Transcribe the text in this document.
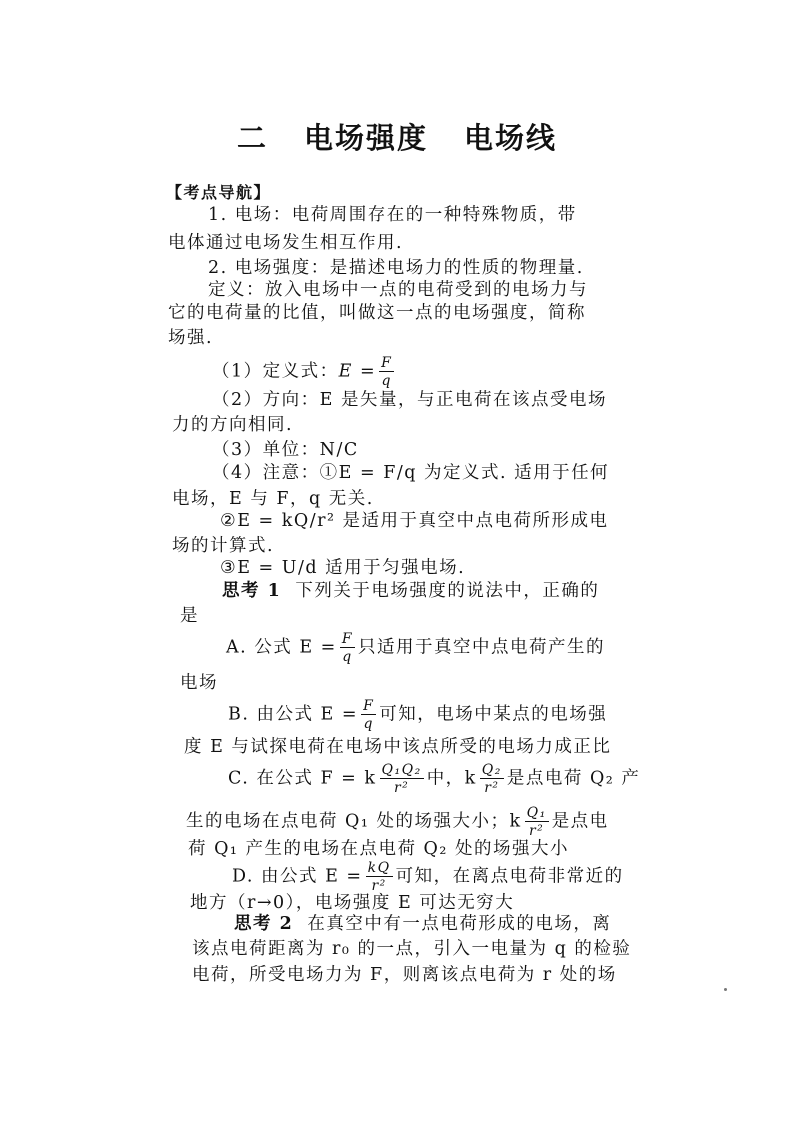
二 电场强度 电场线
【考点导航】
1. 电场：电荷周围存在的一种特殊物质，带
电体通过电场发生相互作用.
2. 电场强度：是描述电场力的性质的物理量.
定义：放入电场中一点的电荷受到的电场力与
它的电荷量的比值，叫做这一点的电场强度，简称
场强.
（1）定义式：$E = \frac{F}{q}$
（2）方向：E 是矢量，与正电荷在该点受电场
力的方向相同.
（3）单位：N/C
（4）注意：①E = F/q 为定义式. 适用于任何
电场，E 与 F，q 无关.
②E = kQ/r² 是适用于真空中点电荷所形成电
场的计算式.
③E = U/d 适用于匀强电场.
思考 1 下列关于电场强度的说法中，正确的
是
A. 公式 $E = \frac{F}{q}$ 只适用于真空中点电荷产生的
电场
B. 由公式 $E = \frac{F}{q}$ 可知，电场中某点的电场强
度 E 与试探电荷在电场中该点所受的电场力成正比
C. 在公式 F = k $\frac{\text{Q₁Q₂}}{\text{r²}}$ 中，k $\frac{\text{Q₂}}{\text{r²}}$ 是点电荷 Q₂ 产
生的电场在点电荷 Q₁ 处的场强大小；k $\frac{\text{Q₁}}{\text{r²}}$ 是点电
荷 Q₁ 产生的电场在点电荷 Q₂ 处的场强大小
D. 由公式 $E = \frac{kQ}{\text{r²}}$ 可知，在离点电荷非常近的
地方（r→0），电场强度 E 可达无穷大
思考 2 在真空中有一点电荷形成的电场，离
该点电荷距离为 r₀ 的一点，引入一电量为 q 的检验
电荷，所受电场力为 F，则离该点电荷为 r 处的场
